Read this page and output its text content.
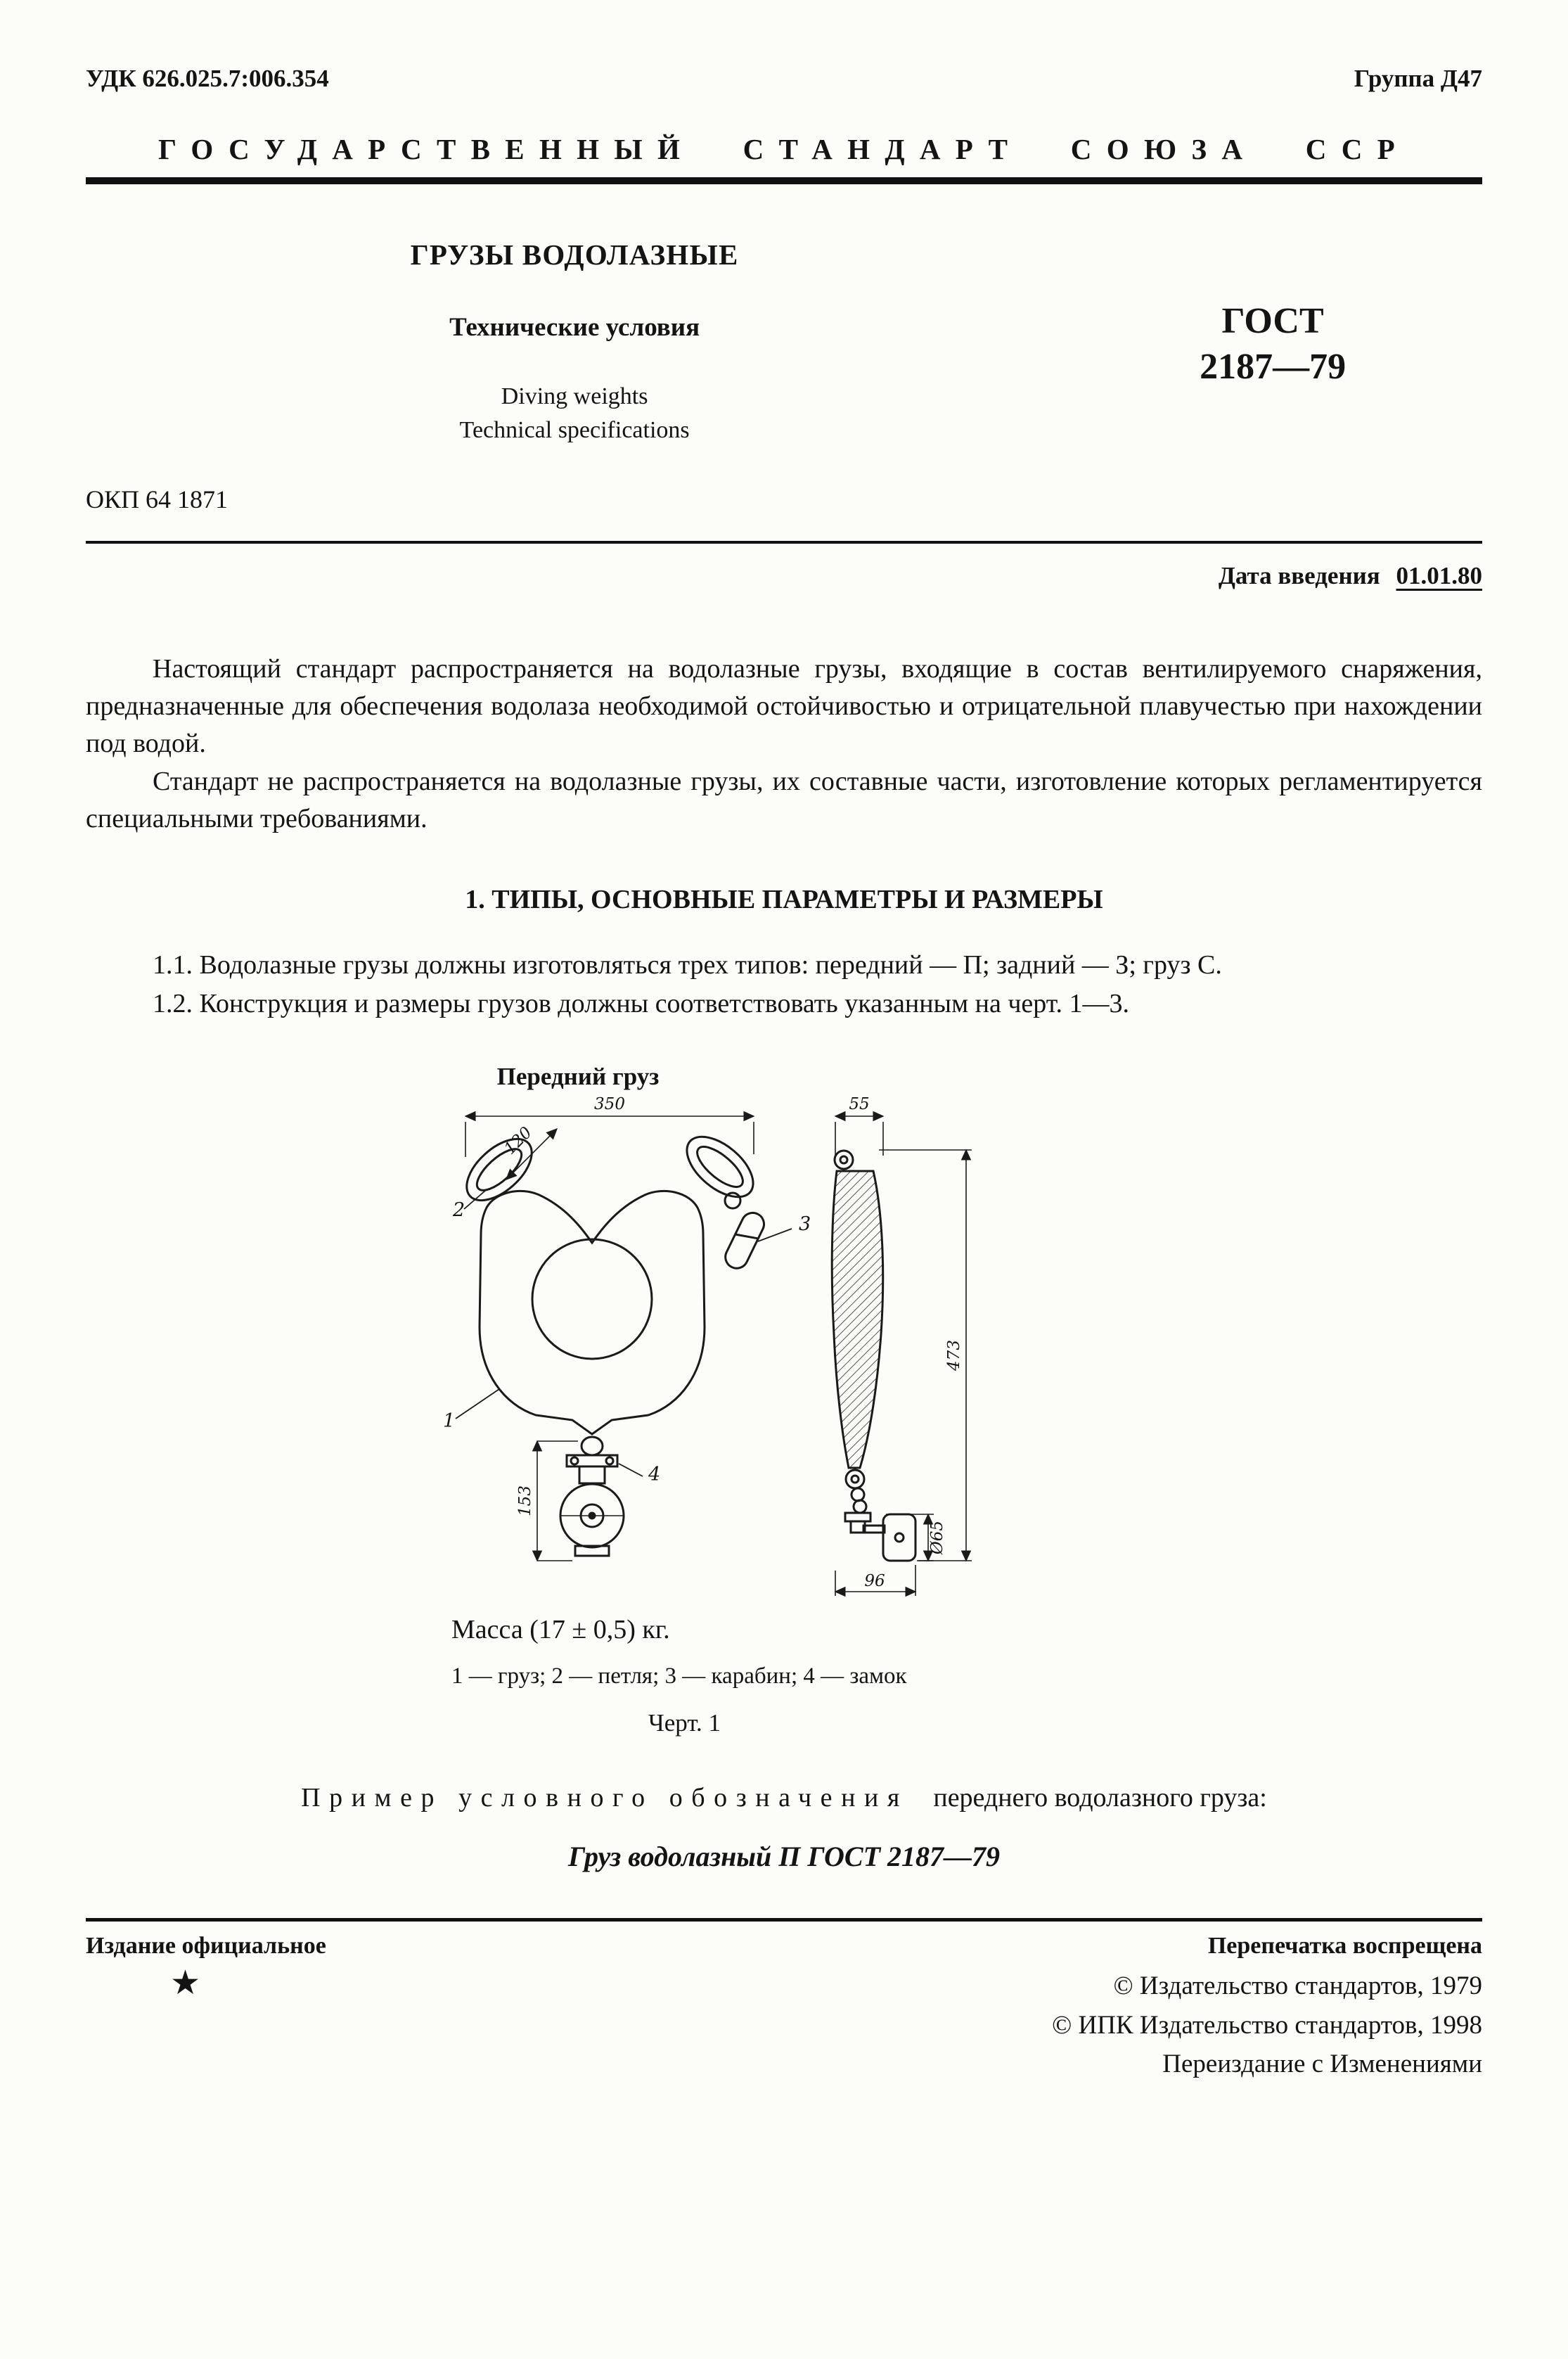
УДК 626.025.7:006.354	Группа Д47
ГОСУДАРСТВЕННЫЙ СТАНДАРТ СОЮЗА ССР
ГРУЗЫ ВОДОЛАЗНЫЕ
Технические условия
Diving weights
Technical specifications
ГОСТ
2187—79
ОКП 64 1871
Дата введения 01.01.80

Настоящий стандарт распространяется на водолазные грузы, входящие в состав вентилируемого снаряжения, предназначенные для обеспечения водолаза необходимой остойчивостью и отрицательной плавучестью при нахождении под водой.

Стандарт не распространяется на водолазные грузы, их составные части, изготовление которых регламентируется специальными требованиями.

1. ТИПЫ, ОСНОВНЫЕ ПАРАМЕТРЫ И РАЗМЕРЫ

1.1. Водолазные грузы должны изготовляться трех типов: передний — П; задний — З; груз С.

1.2. Конструкция и размеры грузов должны соответствовать указанным на черт. 1—3.

Передний груз
350
120
55
473
153
96
Ø65
2
3
1
4
Масса (17 ± 0,5) кг.
1 — груз; 2 — петля; 3 — карабин; 4 — замок
Черт. 1
Пример условного обозначения переднего водолазного груза:
Груз водолазный П ГОСТ 2187—79
Издание официальное	Перепечатка воспрещена
★	© Издательство стандартов, 1979
© ИПК Издательство стандартов, 1998
Переиздание с Изменениями
